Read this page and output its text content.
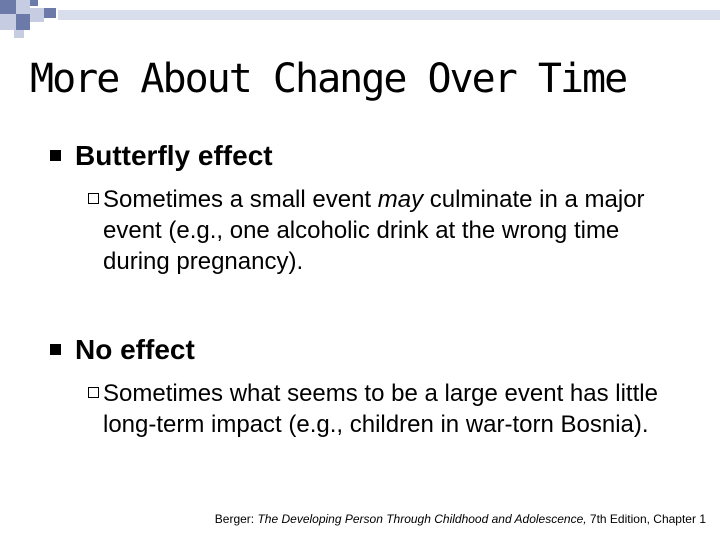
More About Change Over Time
Butterfly effect
Sometimes a small event may culminate in a major event (e.g., one alcoholic drink at the wrong time during pregnancy).
No effect
Sometimes what seems to be a large event has little long-term impact (e.g., children in war-torn Bosnia).
Berger: The Developing Person Through Childhood and Adolescence, 7th Edition, Chapter 1
